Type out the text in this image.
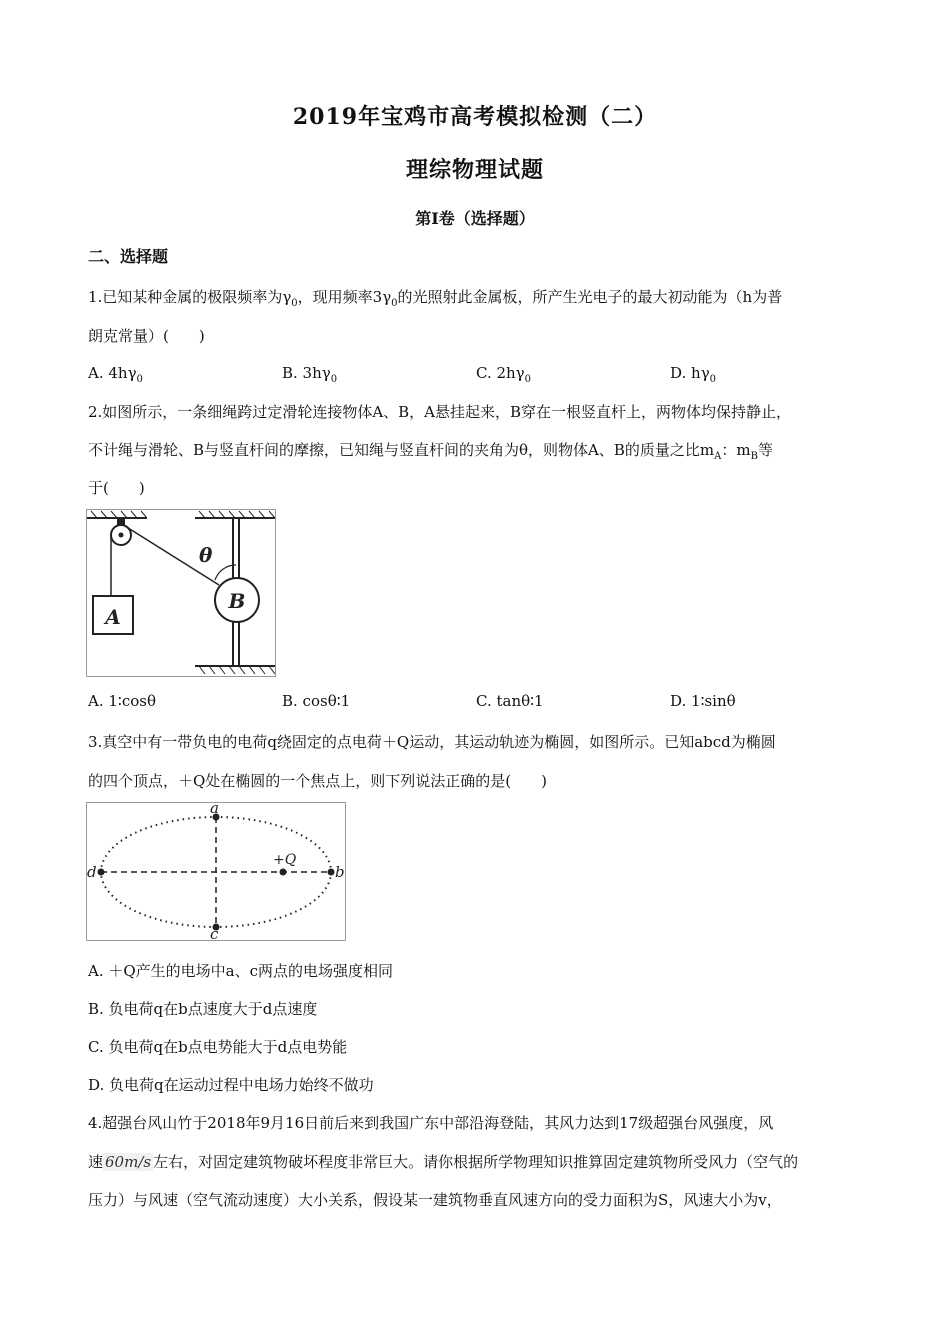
2019年宝鸡市高考模拟检测（二）
理综物理试题
第Ⅰ卷（选择题）
二、选择题
1.已知某种金属的极限频率为$\gamma_0$，现用频率$3\gamma_0$的光照射此金属板，所产生光电子的最大初动能为（h为普
朗克常量）(　　)
A. $4h\gamma_0$	B. $3h\gamma_0$	C. $2h\gamma_0$	D. $h\gamma_0$
2.如图所示，一条细绳跨过定滑轮连接物体A、B，A悬挂起来，B穿在一根竖直杆上，两物体均保持静止，
不计绳与滑轮、B与竖直杆间的摩擦，已知绳与竖直杆间的夹角为θ，则物体A、B的质量之比$m_A$：$m_B$等
于(　　)
θ
A
B
A. 1∶cosθ	B. cosθ∶1	C. tanθ∶1	D. 1∶sinθ
3.真空中有一带负电的电荷q绕固定的点电荷＋Q运动，其运动轨迹为椭圆，如图所示。已知abcd为椭圆
的四个顶点，＋Q处在椭圆的一个焦点上，则下列说法正确的是(　　)
a
c
d	b
+Q
A. ＋Q产生的电场中a、c两点的电场强度相同
B. 负电荷q在b点速度大于d点速度
C. 负电荷q在b点电势能大于d点电势能
D. 负电荷q在运动过程中电场力始终不做功
4.超强台风山竹于2018年9月16日前后来到我国广东中部沿海登陆，其风力达到17级超强台风强度，风
速 60m/s 左右，对固定建筑物破坏程度非常巨大。请你根据所学物理知识推算固定建筑物所受风力（空气的
压力）与风速（空气流动速度）大小关系，假设某一建筑物垂直风速方向的受力面积为S，风速大小为v，
